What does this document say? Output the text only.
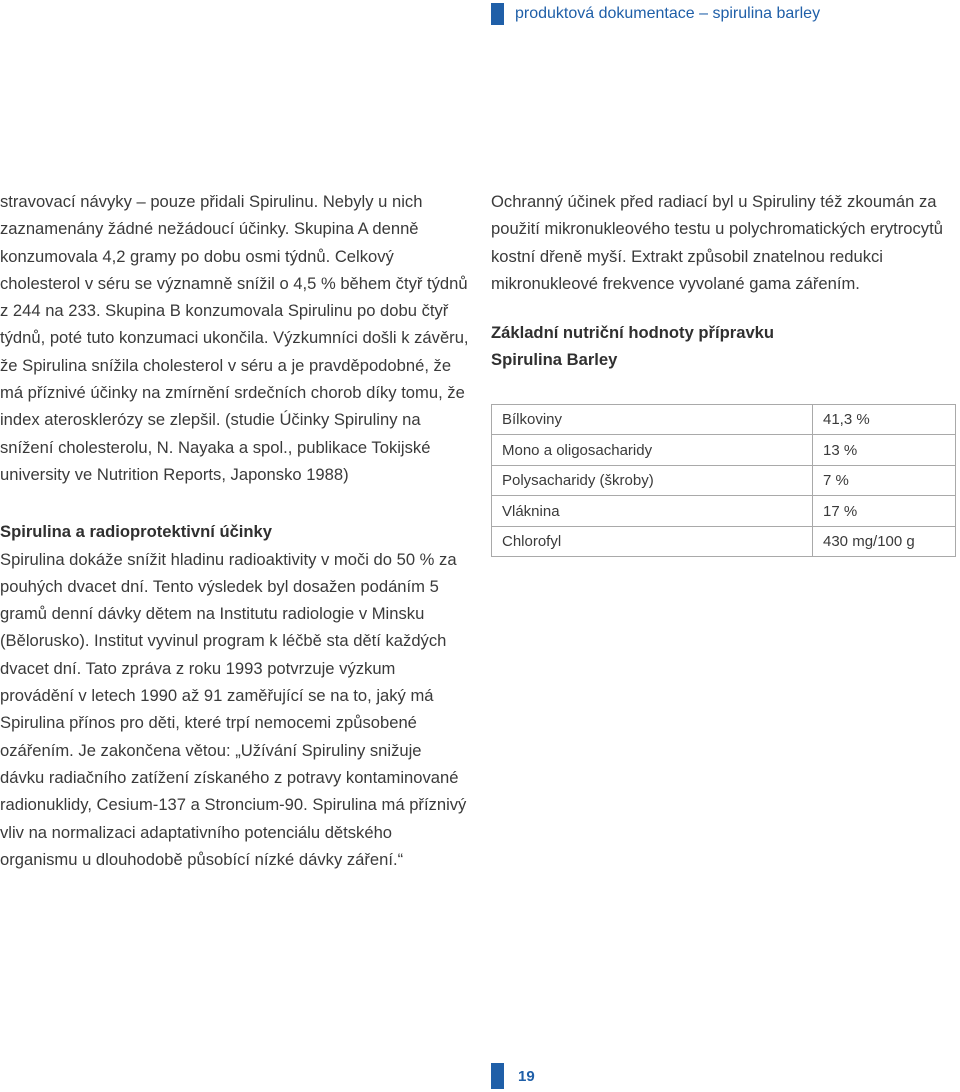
produktová dokumentace – spirulina barley

stravovací návyky – pouze přidali Spirulinu. Nebyly u nich zaznamenány žádné nežádoucí účinky. Skupina A denně konzumovala 4,2 gramy po dobu osmi týdnů. Celkový cholesterol v séru se významně snížil o 4,5 % během čtyř týdnů z 244 na 233. Skupina B konzumovala Spirulinu po dobu čtyř týdnů, poté tuto konzumaci ukončila. Výzkumníci došli k závěru, že Spirulina snížila cholesterol v séru a je pravděpodobné, že má příznivé účinky na zmírnění srdečních chorob díky tomu, že index aterosklerózy se zlepšil. (studie Účinky Spiruliny na snížení cholesterolu, N. Nayaka a spol., publikace Tokijské university ve Nutrition Reports, Japonsko 1988)

Spirulina a radioprotektivní účinky

Spirulina dokáže snížit hladinu radioaktivity v moči do 50 % za pouhých dvacet dní. Tento výsledek byl dosažen podáním 5 gramů denní dávky dětem na Institutu radiologie v Minsku (Bělorusko). Institut vyvinul program k léčbě sta dětí každých dvacet dní. Tato zpráva z roku 1993 potvrzuje výzkum provádění v letech 1990 až 91 zaměřující se na to, jaký má Spirulina přínos pro děti, které trpí nemocemi způsobené ozářením. Je zakončena větou: „Užívání Spiruliny snižuje dávku radiačního zatížení získaného z potravy kontaminované radionuklidy, Cesium-137 a Stroncium-90. Spirulina má příznivý vliv na normalizaci adaptativního potenciálu dětského organismu u dlouhodobě působící nízké dávky záření.“

Ochranný účinek před radiací byl u Spiruliny též zkoumán za použití mikronukleového testu u polychromatických erytrocytů kostní dřeně myší. Extrakt způsobil znatelnou redukci mikronukleové frekvence vyvolané gama zářením.

Základní nutriční hodnoty přípravku
Spirulina Barley

Bílkoviny	41,3 %
Mono a oligosacharidy	13 %
Polysacharidy (škroby)	7 %
Vláknina	17 %
Chlorofyl	430 mg/100 g
19
